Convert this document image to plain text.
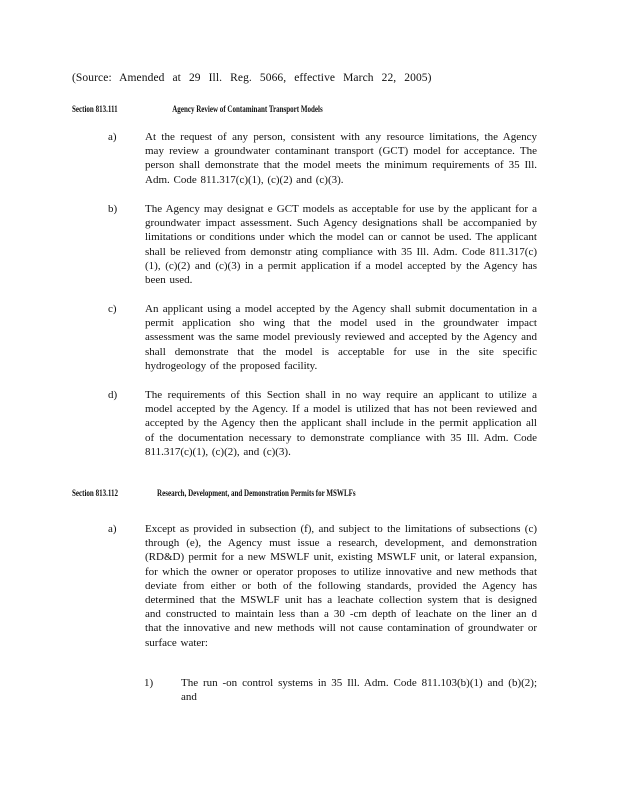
(Source: Amended at 29 Ill. Reg. 5066, effective March 22, 2005)
Section 813.111	Agency Review of Contaminant Transport Models
a)	At the request of any person, consistent with any resource limitations, the Agency may review a groundwater contaminant transport (GCT) model for acceptance. The person shall demonstrate that the model meets the minimum requirements of 35 Ill. Adm. Code 811.317(c)(1), (c)(2) and (c)(3).
b)	The Agency may designat e GCT models as acceptable for use by the applicant for a groundwater impact assessment. Such Agency designations shall be accompanied by limitations or conditions under which the model can or cannot be used. The applicant shall be relieved from demonstr ating compliance with 35 Ill. Adm. Code 811.317(c)(1), (c)(2) and (c)(3) in a permit application if a model accepted by the Agency has been used.
c)	An applicant using a model accepted by the Agency shall submit documentation in a permit application sho wing that the model used in the groundwater impact assessment was the same model previously reviewed and accepted by the Agency and shall demonstrate that the model is acceptable for use in the site specific hydrogeology of the proposed facility.
d)	The requirements of this Section shall in no way require an applicant to utilize a model accepted by the Agency. If a model is utilized that has not been reviewed and accepted by the Agency then the applicant shall include in the permit application all of the documentation necessary to demonstrate compliance with 35 Ill. Adm. Code 811.317(c)(1), (c)(2), and (c)(3).
Section 813.112	Research, Development, and Demonstration Permits for MSWLFs
a)	Except as provided in subsection (f), and subject to the limitations of subsections (c) through (e), the Agency must issue a research, development, and demonstration (RD&D) permit for a new MSWLF unit, existing MSWLF unit, or lateral expansion, for which the owner or operator proposes to utilize innovative and new methods that deviate from either or both of the following standards, provided the Agency has determined that the MSWLF unit has a leachate collection system that is designed and constructed to maintain less than a 30 -cm depth of leachate on the liner an d that the innovative and new methods will not cause contamination of groundwater or surface water:
1)	The run -on control systems in 35 Ill. Adm. Code 811.103(b)(1) and (b)(2); and
